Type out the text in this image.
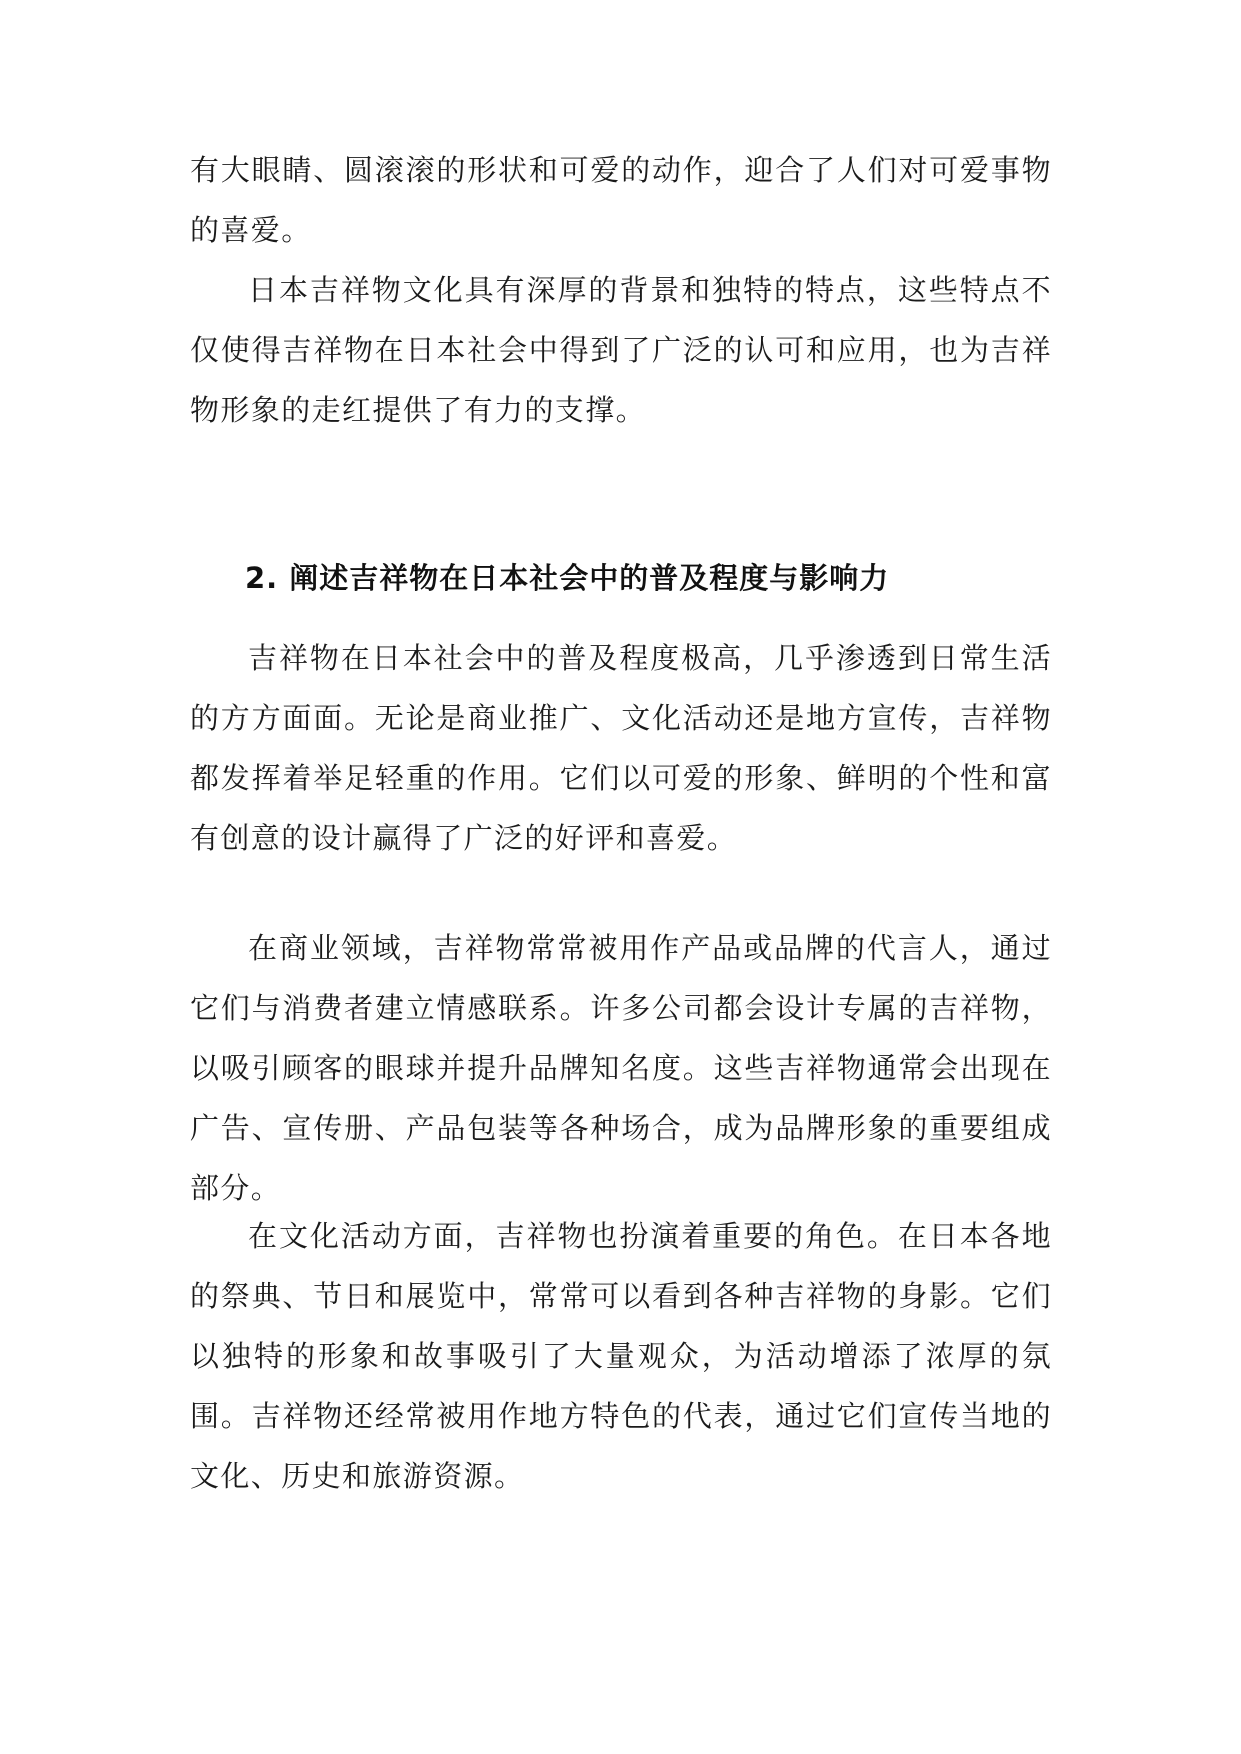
有大眼睛、圆滚滚的形状和可爱的动作，迎合了人们对可爱事物的喜爱。

日本吉祥物文化具有深厚的背景和独特的特点，这些特点不仅使得吉祥物在日本社会中得到了广泛的认可和应用，也为吉祥物形象的走红提供了有力的支撑。

2. 阐述吉祥物在日本社会中的普及程度与影响力

吉祥物在日本社会中的普及程度极高，几乎渗透到日常生活的方方面面。无论是商业推广、文化活动还是地方宣传，吉祥物都发挥着举足轻重的作用。它们以可爱的形象、鲜明的个性和富有创意的设计赢得了广泛的好评和喜爱。

在商业领域，吉祥物常常被用作产品或品牌的代言人，通过它们与消费者建立情感联系。许多公司都会设计专属的吉祥物，以吸引顾客的眼球并提升品牌知名度。这些吉祥物通常会出现在广告、宣传册、产品包装等各种场合，成为品牌形象的重要组成部分。

在文化活动方面，吉祥物也扮演着重要的角色。在日本各地的祭典、节日和展览中，常常可以看到各种吉祥物的身影。它们以独特的形象和故事吸引了大量观众，为活动增添了浓厚的氛围。吉祥物还经常被用作地方特色的代表，通过它们宣传当地的文化、历史和旅游资源。
